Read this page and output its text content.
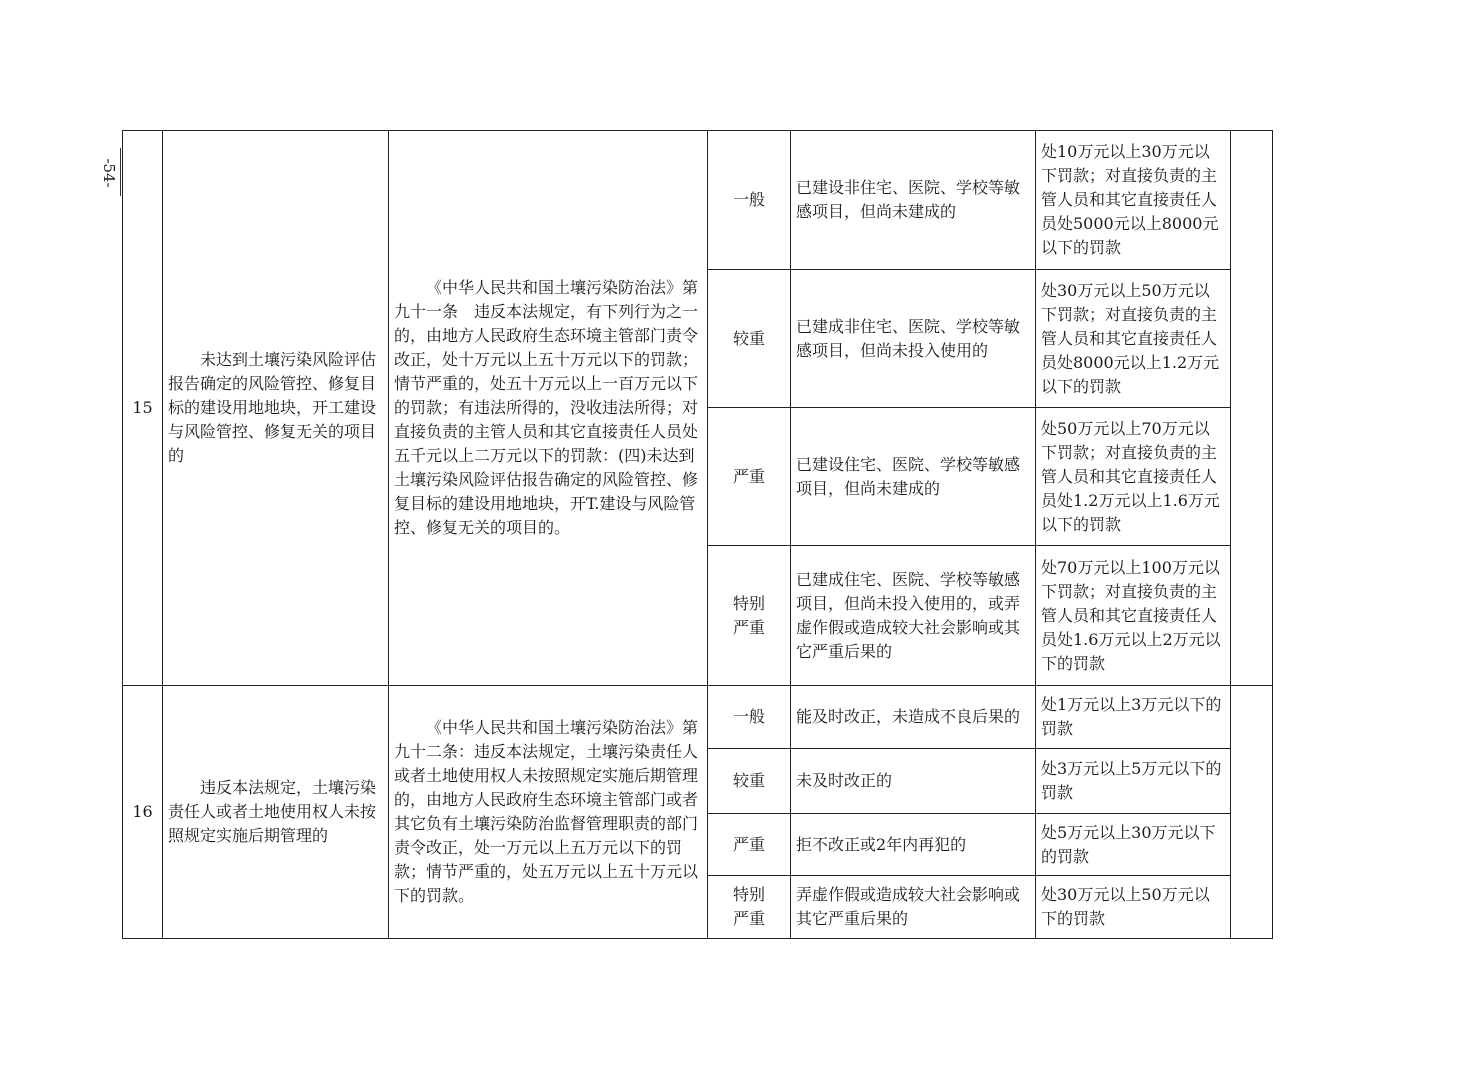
-54-
15	未达到土壤污染风险评估报告确定的风险管控、修复目标的建设用地地块，开工建设与风险管控、修复无关的项目的	《中华人民共和国土壤污染防治法》第九十一条　违反本法规定，有下列行为之一的，由地方人民政府生态环境主管部门责令改正，处十万元以上五十万元以下的罚款；情节严重的，处五十万元以上一百万元以下的罚款；有违法所得的，没收违法所得；对直接负责的主管人员和其它直接责任人员处五千元以上二万元以下的罚款：(四)未达到土壤污染风险评估报告确定的风险管控、修复目标的建设用地地块，开T.建设与风险管控、修复无关的项目的。	一般	已建设非住宅、医院、学校等敏感项目，但尚未建成的	处10万元以上30万元以下罚款；对直接负责的主管人员和其它直接责任人员处5000元以上8000元以下的罚款	
			较重	已建成非住宅、医院、学校等敏感项目，但尚未投入使用的	处30万元以上50万元以下罚款；对直接负责的主管人员和其它直接责任人员处8000元以上1.2万元以下的罚款	
			严重	已建设住宅、医院、学校等敏感项目，但尚未建成的	处50万元以上70万元以下罚款；对直接负责的主管人员和其它直接责任人员处1.2万元以上1.6万元以下的罚款	

			特别严重	已建成住宅、医院、学校等敏感项目，但尚未投入使用的，或弄虚作假或造成较大社会影响或其它严重后果的	处70万元以上100万元以下罚款；对直接负责的主管人员和其它直接责任人员处1.6万元以上2万元以下的罚款	
16	违反本法规定，土壤污染责任人或者土地使用权人未按照规定实施后期管理的	《中华人民共和国土壤污染防治法》第九十二条：违反本法规定，土壤污染责任人或者土地使用权人未按照规定实施后期管理的，由地方人民政府生态环境主管部门或者其它负有土壤污染防治监督管理职责的部门责令改正，处一万元以上五万元以下的罚款；情节严重的，处五万元以上五十万元以下的罚款。	一般	能及时改正，未造成不良后果的	处1万元以上3万元以下的罚款	
			较重	未及时改正的	处3万元以上5万元以下的罚款	
			严重	拒不改正或2年内再犯的	处5万元以上30万元以下的罚款	

			特别严重	弄虚作假或造成较大社会影响或其它严重后果的	处30万元以上50万元以下的罚款	
